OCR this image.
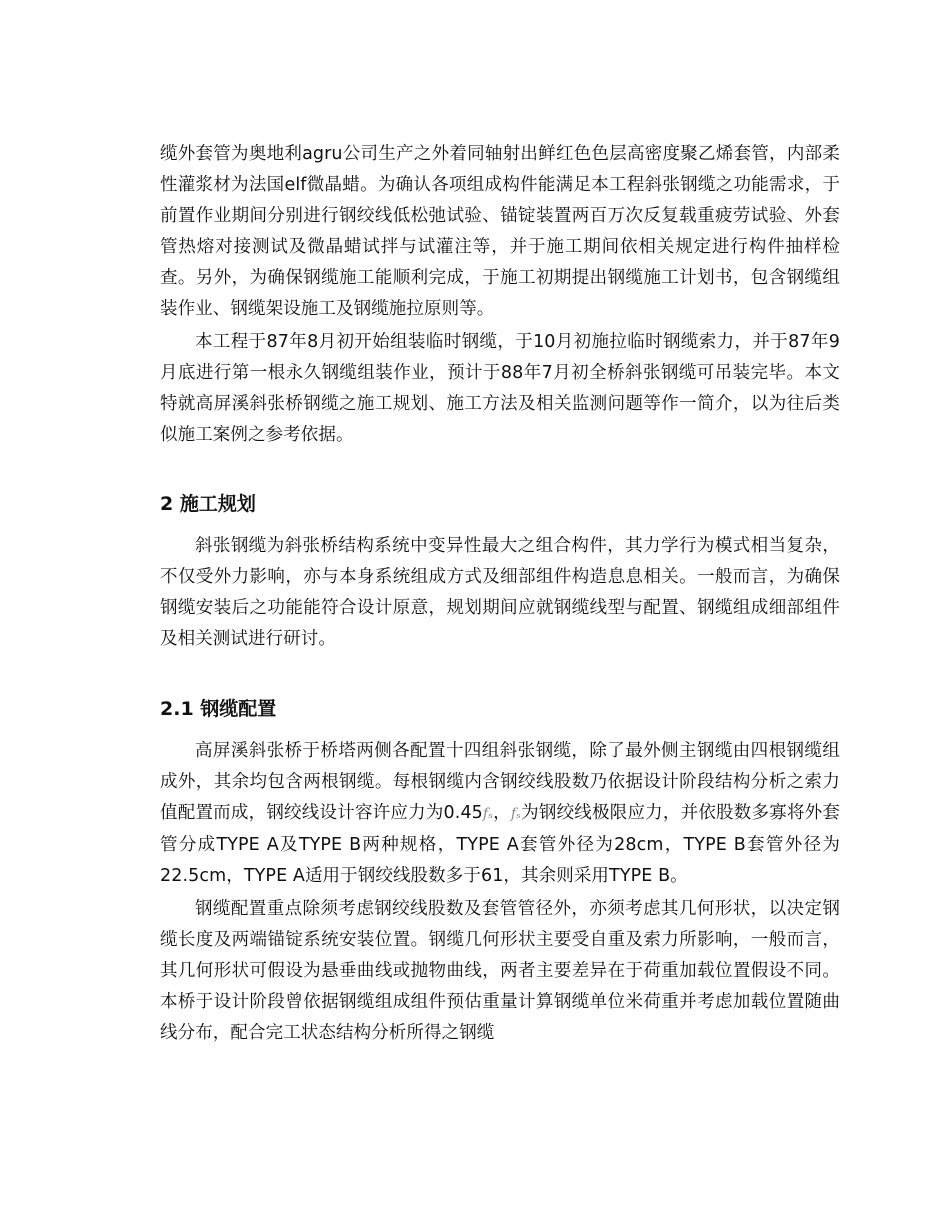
缆外套管为奥地利agru公司生产之外着同轴射出鲜红色色层高密度聚乙烯套管，内部柔性灌浆材为法国elf微晶蜡。为确认各项组成构件能满足本工程斜张钢缆之功能需求，于前置作业期间分别进行钢绞线低松弛试验、锚锭装置两百万次反复载重疲劳试验、外套管热熔对接测试及微晶蜡试拌与试灌注等，并于施工期间依相关规定进行构件抽样检查。另外，为确保钢缆施工能顺利完成，于施工初期提出钢缆施工计划书，包含钢缆组装作业、钢缆架设施工及钢缆施拉原则等。

本工程于87年8月初开始组装临时钢缆，于10月初施拉临时钢缆索力，并于87年9月底进行第一根永久钢缆组装作业，预计于88年7月初全桥斜张钢缆可吊装完毕。本文特就高屏溪斜张桥钢缆之施工规划、施工方法及相关监测问题等作一简介，以为往后类似施工案例之参考依据。

2 施工规划

斜张钢缆为斜张桥结构系统中变异性最大之组合构件，其力学行为模式相当复杂，不仅受外力影响，亦与本身系统组成方式及细部组件构造息息相关。一般而言，为确保钢缆安装后之功能能符合设计原意，规划期间应就钢缆线型与配置、钢缆组成细部组件及相关测试进行研讨。

2.1 钢缆配置

高屏溪斜张桥于桥塔两侧各配置十四组斜张钢缆，除了最外侧主钢缆由四根钢缆组成外，其余均包含两根钢缆。每根钢缆内含钢绞线股数乃依据设计阶段结构分析之索力值配置而成，钢绞线设计容许应力为0.45fₛ，fₛ为钢绞线极限应力，并依股数多寡将外套管分成TYPE A及TYPE B两种规格，TYPE A套管外径为28cm，TYPE B套管外径为22.5cm，TYPE A适用于钢绞线股数多于61，其余则采用TYPE B。

钢缆配置重点除须考虑钢绞线股数及套管管径外，亦须考虑其几何形状，以决定钢缆长度及两端锚锭系统安装位置。钢缆几何形状主要受自重及索力所影响，一般而言，其几何形状可假设为悬垂曲线或抛物曲线，两者主要差异在于荷重加载位置假设不同。本桥于设计阶段曾依据钢缆组成组件预估重量计算钢缆单位米荷重并考虑加载位置随曲线分布，配合完工状态结构分析所得之钢缆
